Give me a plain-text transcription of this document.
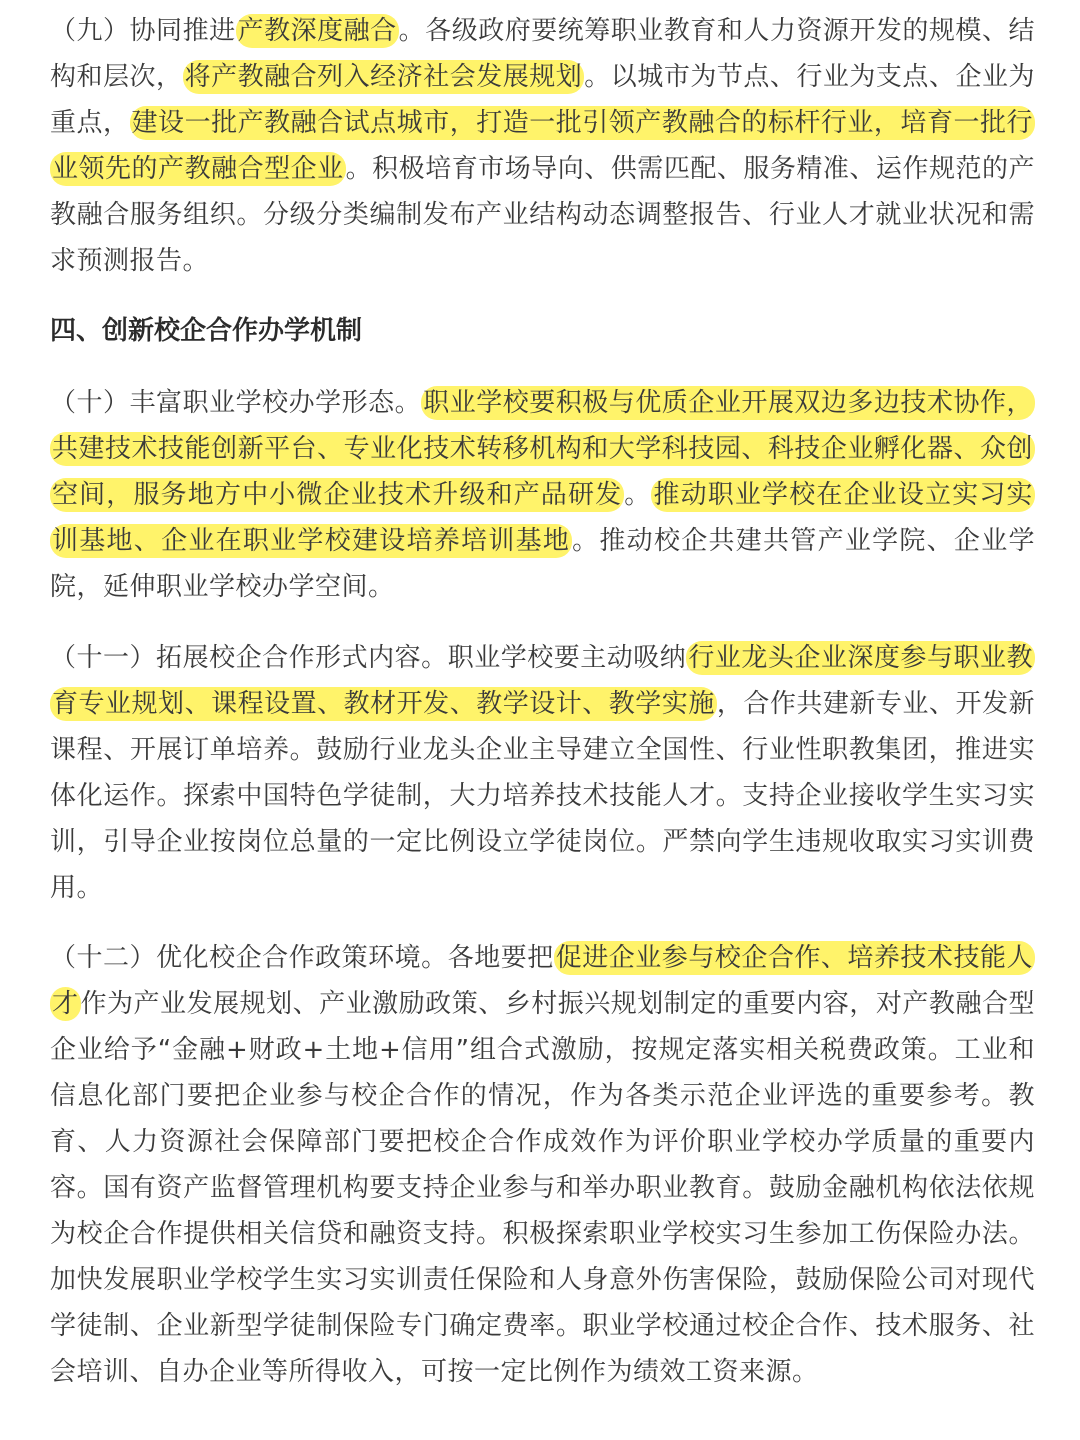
（九）协同推进产教深度融合。各级政府要统筹职业教育和人力资源开发的规模、结构和层次，将产教融合列入经济社会发展规划。以城市为节点、行业为支点、企业为重点，建设一批产教融合试点城市，打造一批引领产教融合的标杆行业，培育一批行业领先的产教融合型企业。积极培育市场导向、供需匹配、服务精准、运作规范的产教融合服务组织。分级分类编制发布产业结构动态调整报告、行业人才就业状况和需求预测报告。

四、创新校企合作办学机制

（十）丰富职业学校办学形态。职业学校要积极与优质企业开展双边多边技术协作，共建技术技能创新平台、专业化技术转移机构和大学科技园、科技企业孵化器、众创空间，服务地方中小微企业技术升级和产品研发。推动职业学校在企业设立实习实训基地、企业在职业学校建设培养培训基地。推动校企共建共管产业学院、企业学院，延伸职业学校办学空间。

（十一）拓展校企合作形式内容。职业学校要主动吸纳行业龙头企业深度参与职业教育专业规划、课程设置、教材开发、教学设计、教学实施，合作共建新专业、开发新课程、开展订单培养。鼓励行业龙头企业主导建立全国性、行业性职教集团，推进实体化运作。探索中国特色学徒制，大力培养技术技能人才。支持企业接收学生实习实训，引导企业按岗位总量的一定比例设立学徒岗位。严禁向学生违规收取实习实训费用。

（十二）优化校企合作政策环境。各地要把促进企业参与校企合作、培养技术技能人才作为产业发展规划、产业激励政策、乡村振兴规划制定的重要内容，对产教融合型企业给予“金融+财政+土地+信用”组合式激励，按规定落实相关税费政策。工业和信息化部门要把企业参与校企合作的情况，作为各类示范企业评选的重要参考。教育、人力资源社会保障部门要把校企合作成效作为评价职业学校办学质量的重要内容。国有资产监督管理机构要支持企业参与和举办职业教育。鼓励金融机构依法依规为校企合作提供相关信贷和融资支持。积极探索职业学校实习生参加工伤保险办法。加快发展职业学校学生实习实训责任保险和人身意外伤害保险，鼓励保险公司对现代学徒制、企业新型学徒制保险专门确定费率。职业学校通过校企合作、技术服务、社会培训、自办企业等所得收入，可按一定比例作为绩效工资来源。
